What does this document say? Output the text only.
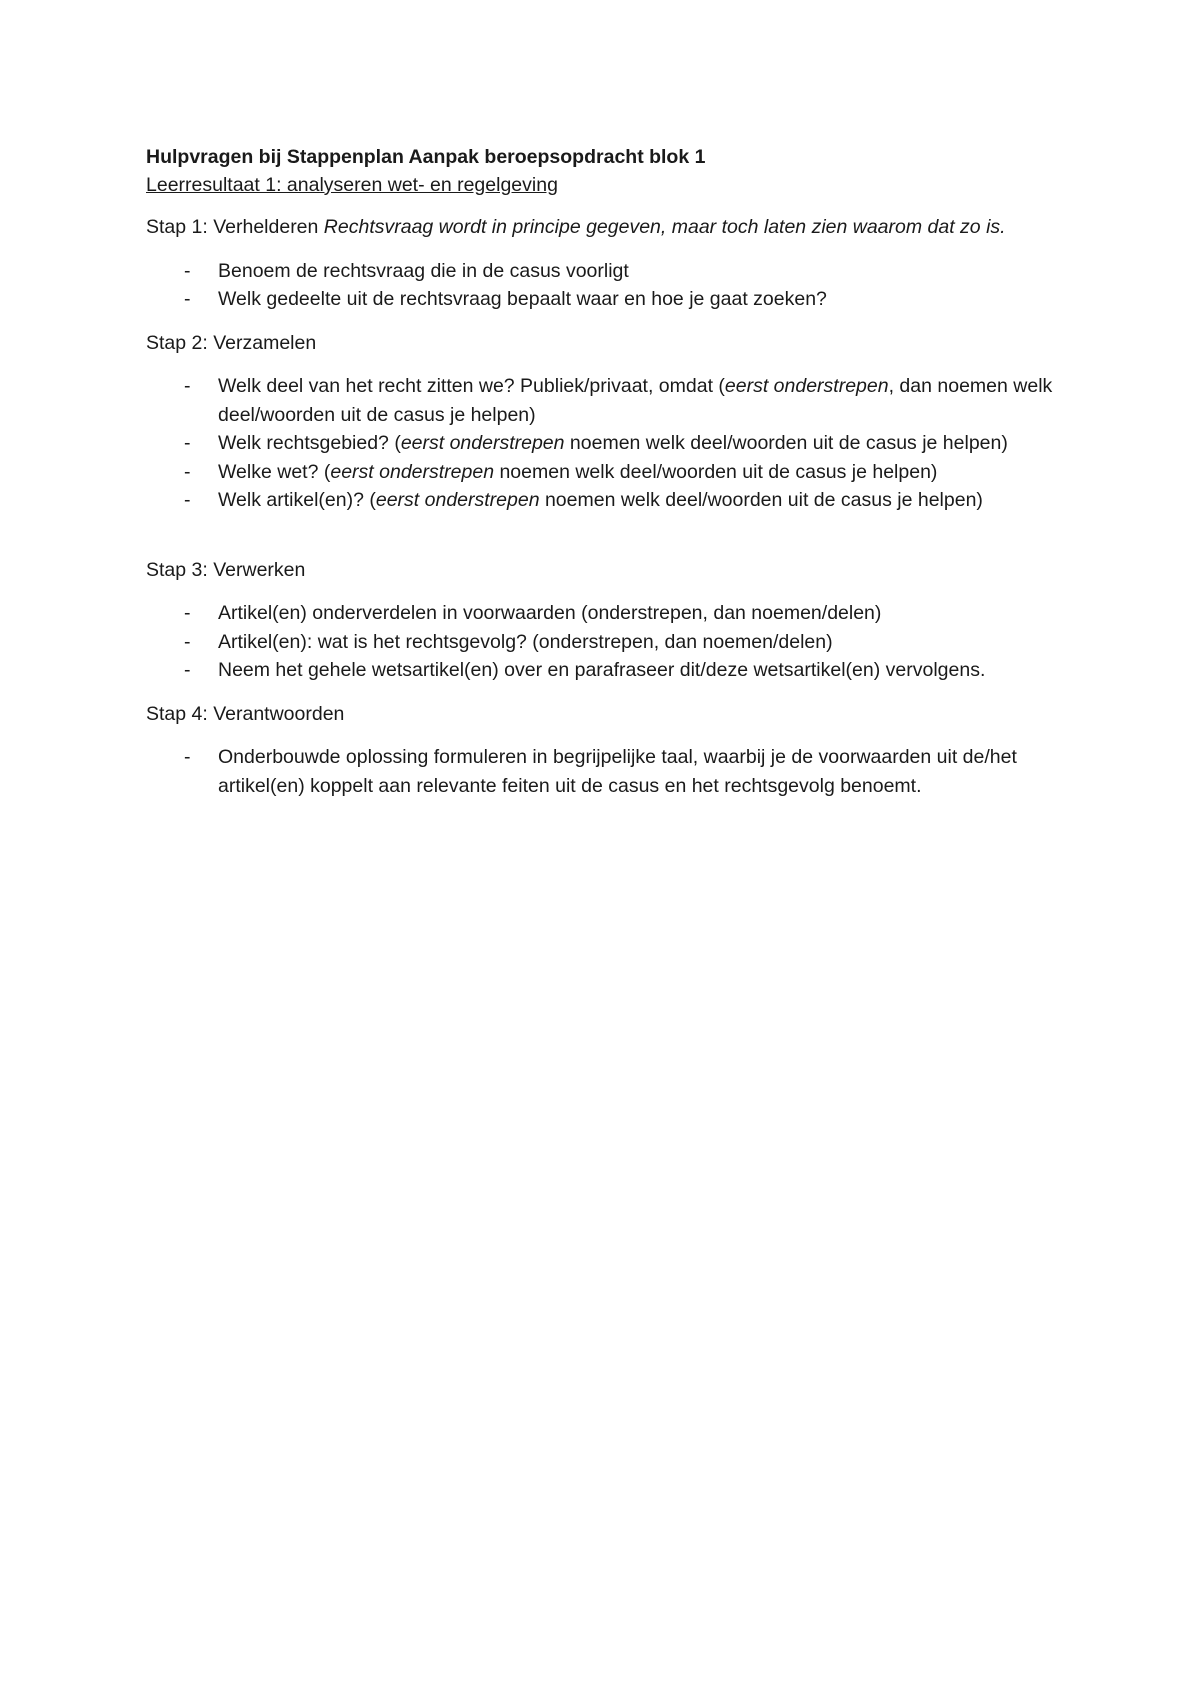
Hulpvragen bij Stappenplan Aanpak beroepsopdracht blok 1

Leerresultaat 1: analyseren wet- en regelgeving

Stap 1: Verhelderen Rechtsvraag wordt in principe gegeven, maar toch laten zien waarom dat zo is.

- Benoem de rechtsvraag die in de casus voorligt
- Welk gedeelte uit de rechtsvraag bepaalt waar en hoe je gaat zoeken?

Stap 2: Verzamelen

- Welk deel van het recht zitten we? Publiek/privaat, omdat (eerst onderstrepen, dan noemen welk deel/woorden uit de casus je helpen)
- Welk rechtsgebied? (eerst onderstrepen noemen welk deel/woorden uit de casus je helpen)
- Welke wet? (eerst onderstrepen noemen welk deel/woorden uit de casus je helpen)
- Welk artikel(en)? (eerst onderstrepen noemen welk deel/woorden uit de casus je helpen)

Stap 3: Verwerken

- Artikel(en) onderverdelen in voorwaarden (onderstrepen, dan noemen/delen)
- Artikel(en): wat is het rechtsgevolg? (onderstrepen, dan noemen/delen)
- Neem het gehele wetsartikel(en) over en parafraseer dit/deze wetsartikel(en) vervolgens.

Stap 4: Verantwoorden

- Onderbouwde oplossing formuleren in begrijpelijke taal, waarbij je de voorwaarden uit de/het artikel(en) koppelt aan relevante feiten uit de casus en het rechtsgevolg benoemt.
